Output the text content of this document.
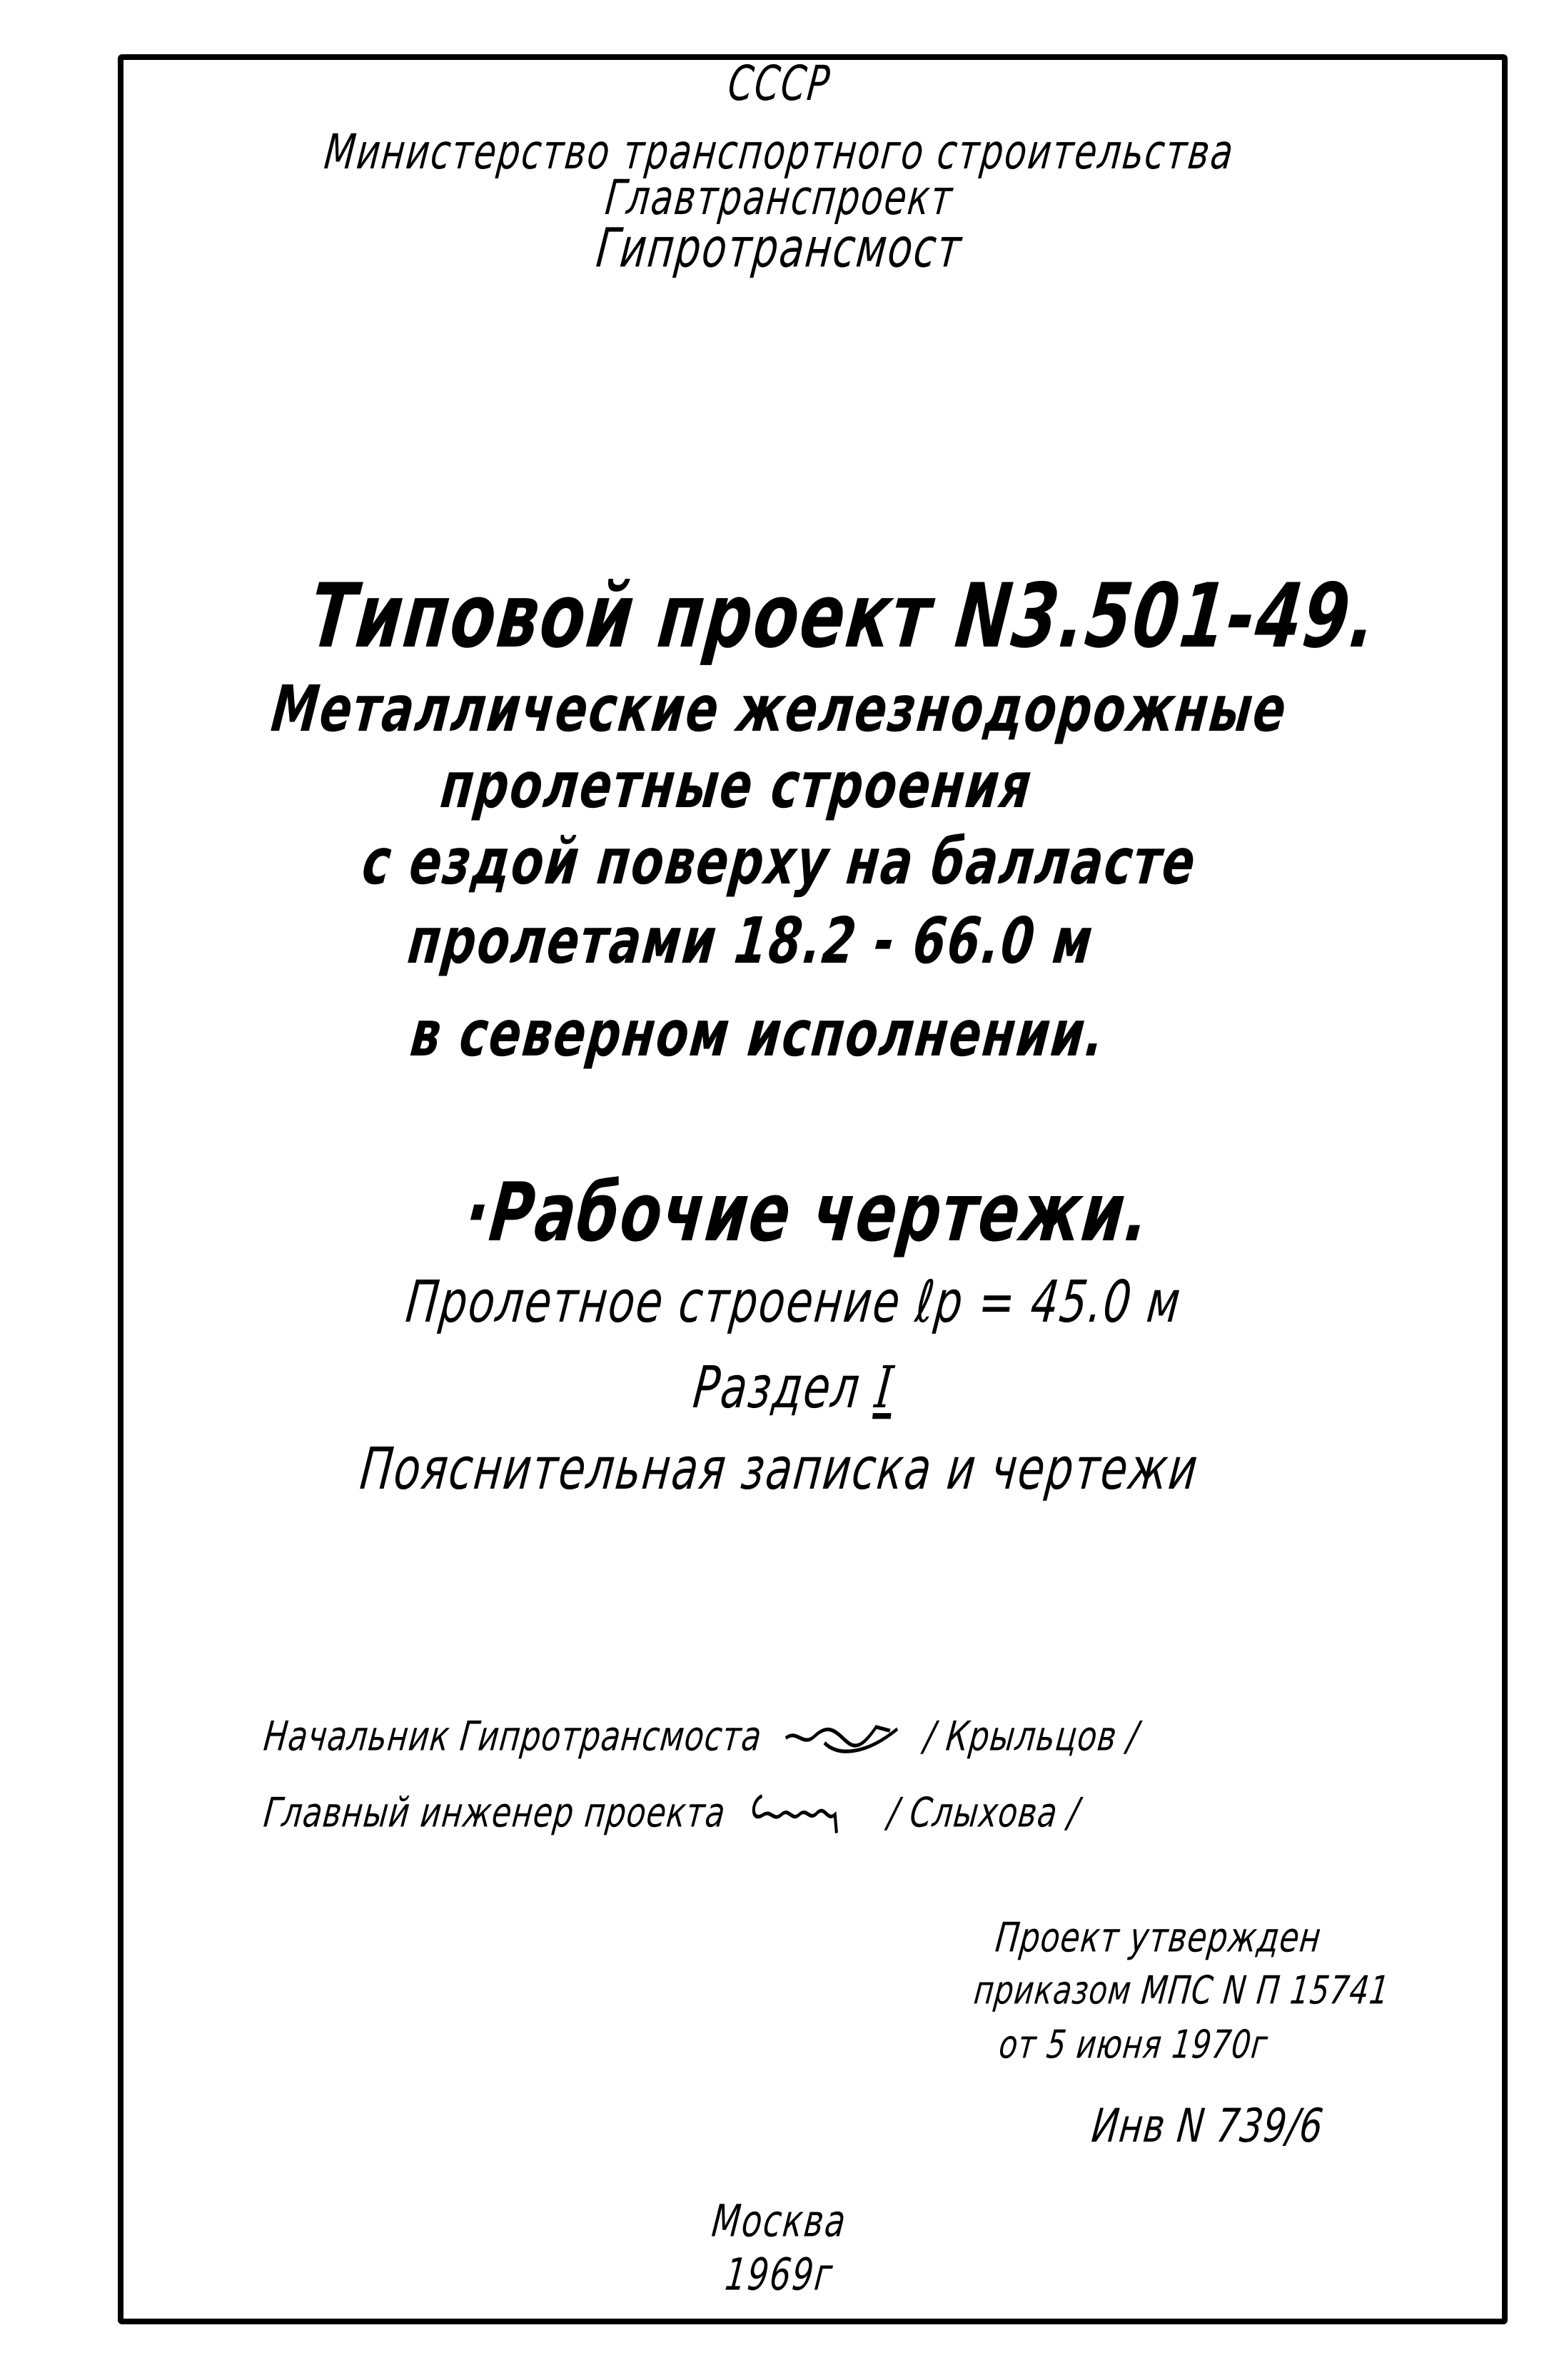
СССР
Министерство транспортного строительства
Главтранспроект
Гипротрансмост
Типовой проект N3.501-49.
Металлические железнодорожные
пролетные строения
с ездой поверху на балласте
пролетами 18.2 - 66.0 м
в северном исполнении.
·Рабочие чертежи.
Пролетное строение ℓр = 45.0 м
Раздел I
Пояснительная записка и чертежи
Начальник Гипротрансмоста	/ Крыльцов /
Главный инженер проекта	/ Слыхова /
Проект утвержден
приказом МПС N П 15741
от 5 июня 1970г
Инв N 739/6
Москва
1969г
